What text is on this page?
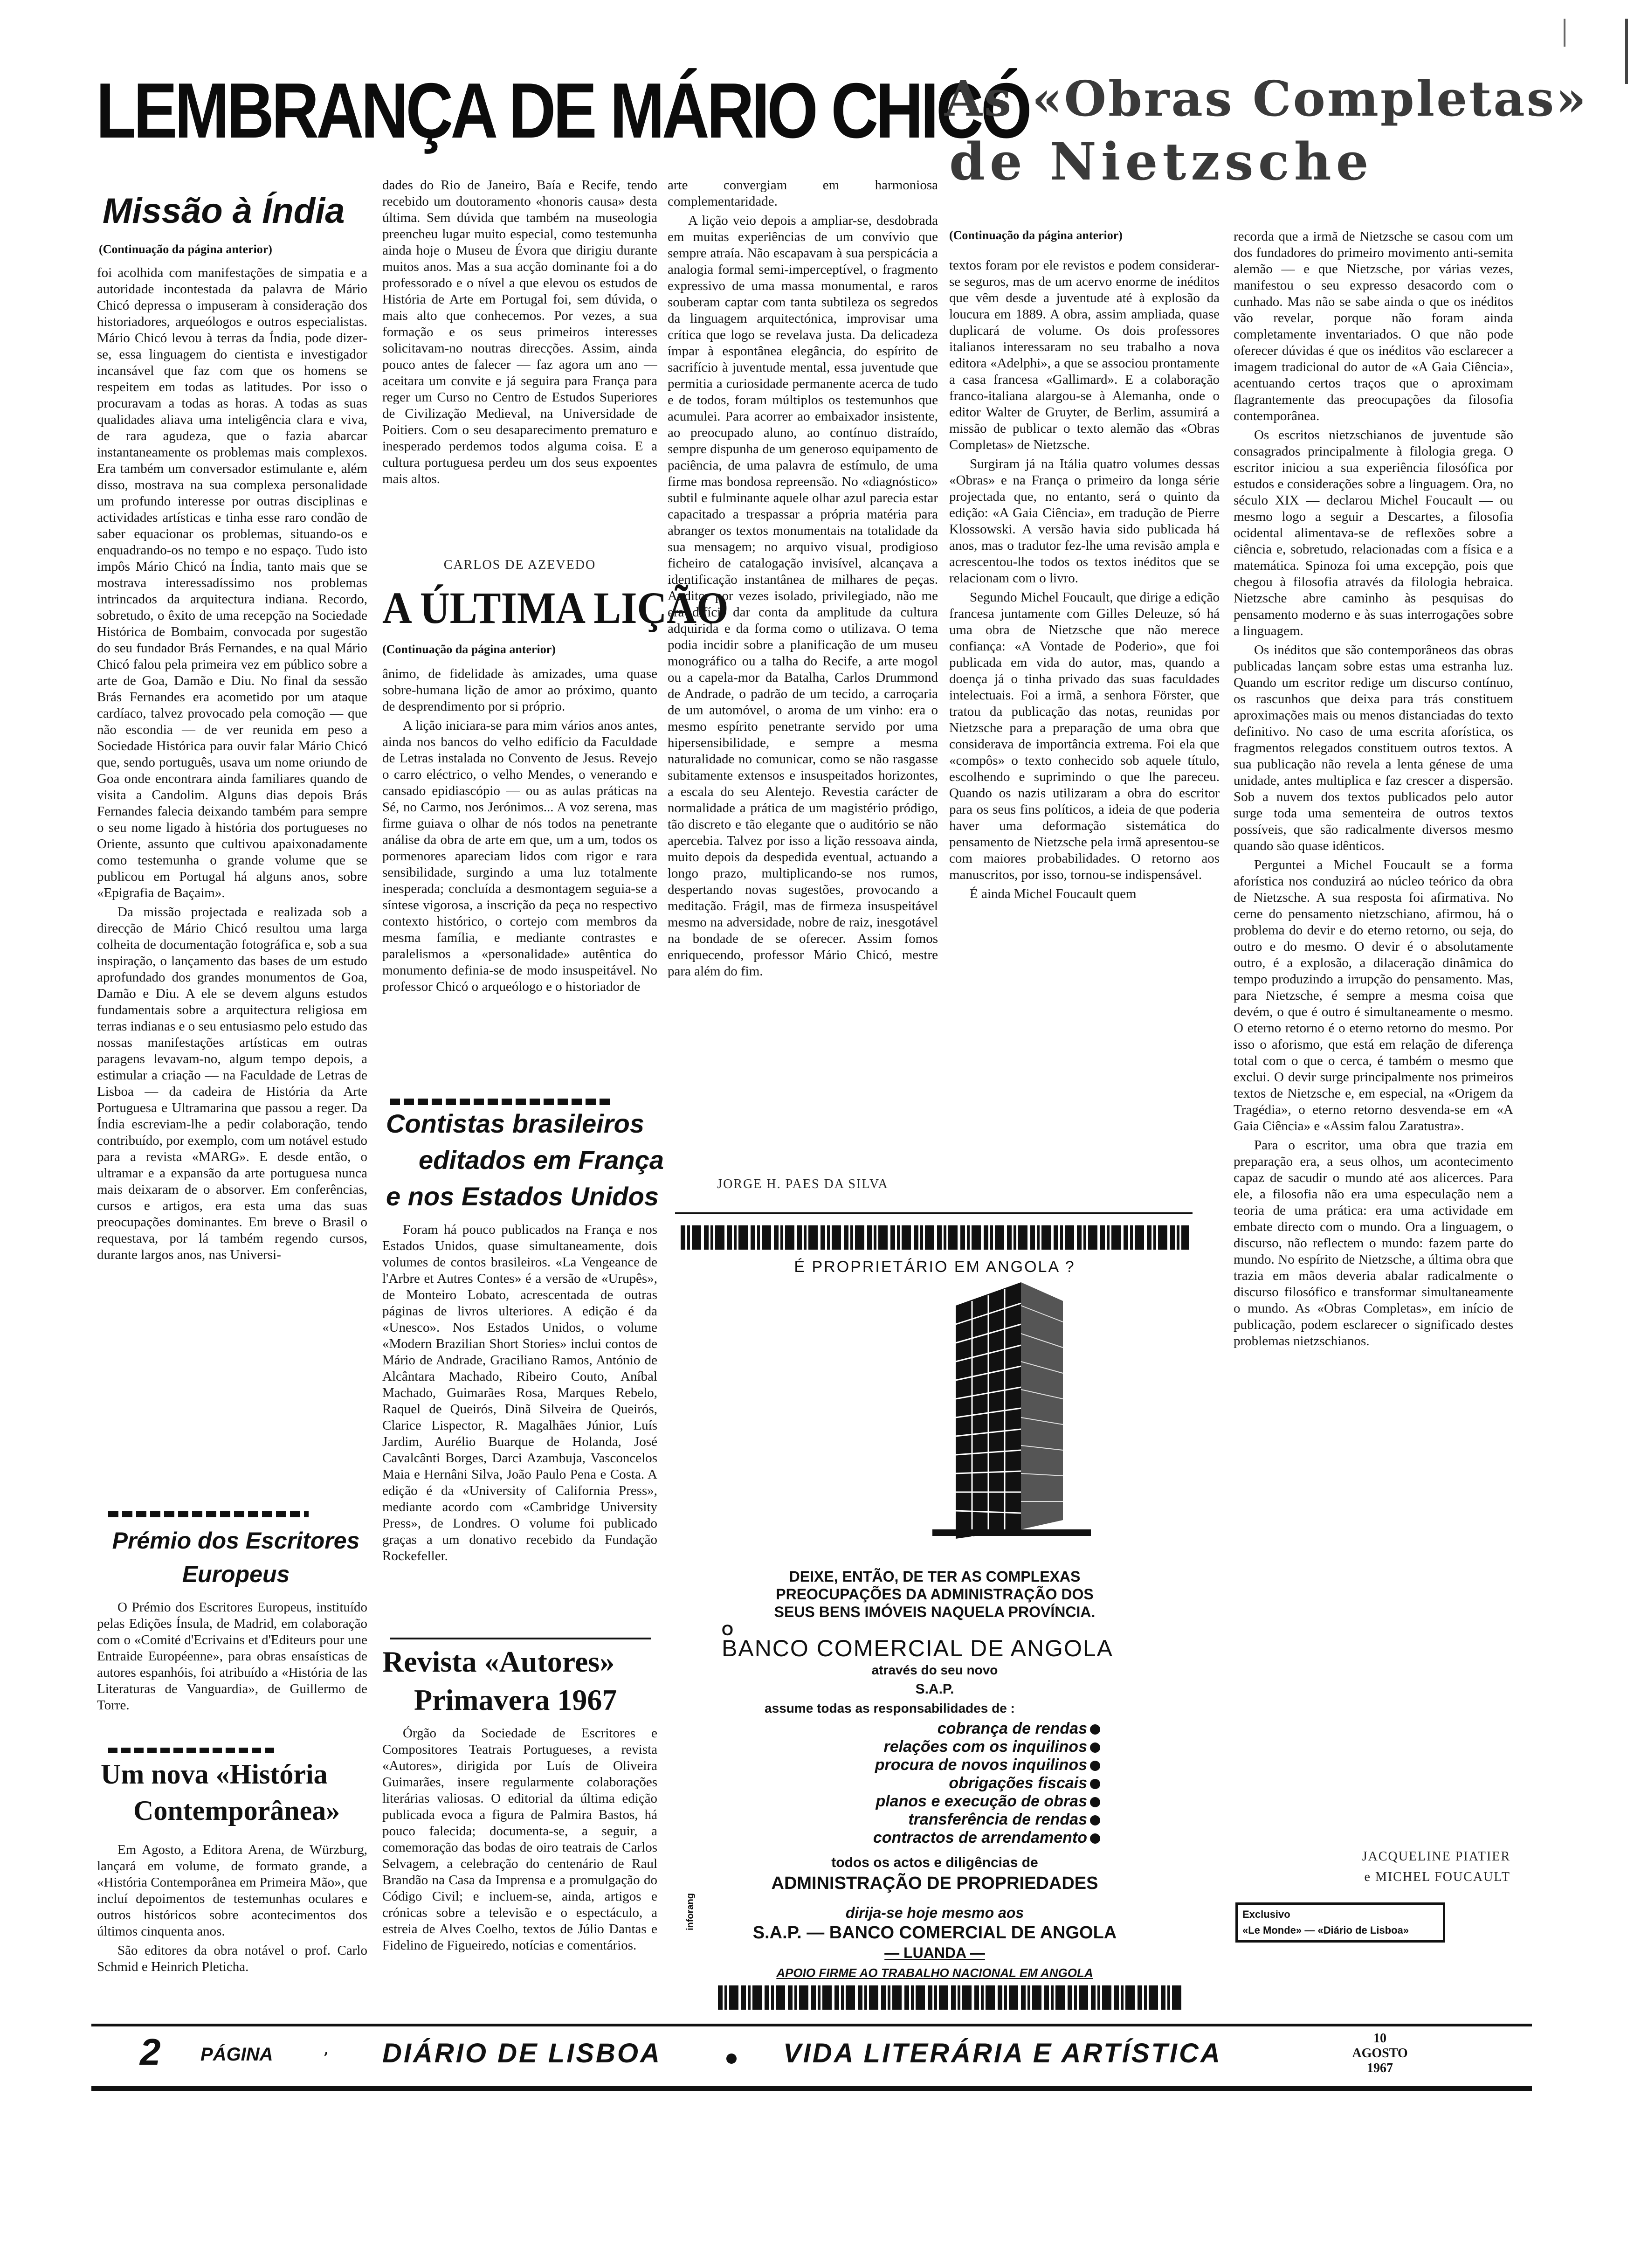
LEMBRANÇA DE MÁRIO CHICÓ
As «Obras Completas»
de Nietzsche
Missão à Índia
(Continuação da página anterior)

foi acolhida com manifestações de simpatia e a autoridade incontestada da palavra de Mário Chicó depressa o impuseram à consideração dos historiadores, arqueólogos e outros especialistas. Mário Chicó levou à terras da Índia, pode dizer-se, essa linguagem do cientista e investigador incansável que faz com que os homens se respeitem em todas as latitudes. Por isso o procuravam a todas as horas. A todas as suas qualidades aliava uma inteligência clara e viva, de rara agudeza, que o fazia abarcar instantaneamente os problemas mais complexos. Era também um conversador estimulante e, além disso, mostrava na sua complexa personalidade um profundo interesse por outras disciplinas e actividades artísticas e tinha esse raro condão de saber equacionar os problemas, situando-os e enquadrando-os no tempo e no espaço. Tudo isto impôs Mário Chicó na Índia, tanto mais que se mostrava interessadíssimo nos problemas intrincados da arquitectura indiana. Recordo, sobretudo, o êxito de uma recepção na Sociedade Histórica de Bombaim, convocada por sugestão do seu fundador Brás Fernandes, e na qual Mário Chicó falou pela primeira vez em público sobre a arte de Goa, Damão e Diu. No final da sessão Brás Fernandes era acometido por um ataque cardíaco, talvez provocado pela comoção — que não escondia — de ver reunida em peso a Sociedade Histórica para ouvir falar Mário Chicó que, sendo português, usava um nome oriundo de Goa onde encontrara ainda familiares quando de visita a Candolim. Alguns dias depois Brás Fernandes falecia deixando também para sempre o seu nome ligado à história dos portugueses no Oriente, assunto que cultivou apaixonadamente como testemunha o grande volume que se publicou em Portugal há alguns anos, sobre «Epigrafia de Baçaim».

Da missão projectada e realizada sob a direcção de Mário Chicó resultou uma larga colheita de documentação fotográfica e, sob a sua inspiração, o lançamento das bases de um estudo aprofundado dos grandes monumentos de Goa, Damão e Diu. A ele se devem alguns estudos fundamentais sobre a arquitectura religiosa em terras indianas e o seu entusiasmo pelo estudo das nossas manifestações artísticas em outras paragens levavam-no, algum tempo depois, a estimular a criação — na Faculdade de Letras de Lisboa — da cadeira de História da Arte Portuguesa e Ultramarina que passou a reger. Da Índia escreviam-lhe a pedir colaboração, tendo contribuído, por exemplo, com um notável estudo para a revista «MARG». E desde então, o ultramar e a expansão da arte portuguesa nunca mais deixaram de o absorver. Em conferências, cursos e artigos, era esta uma das suas preocupações dominantes. Em breve o Brasil o requestava, por lá também regendo cursos, durante largos anos, nas Universi-

Prémio dos Escritores
Europeus

O Prémio dos Escritores Europeus, instituído pelas Edições Ínsula, de Madrid, em colaboração com o «Comité d'Ecrivains et d'Editeurs pour une Entraide Européenne», para obras ensaísticas de autores espanhóis, foi atribuído a «História de las Literaturas de Vanguardia», de Guillermo de Torre.

Um nova «História
Contemporânea»

Em Agosto, a Editora Arena, de Würzburg, lançará em volume, de formato grande, a «História Contemporânea em Primeira Mão», que incluí depoimentos de testemunhas oculares e outros históricos sobre acontecimentos dos últimos cinquenta anos.

São editores da obra notável o prof. Carlo Schmid e Heinrich Pleticha.

dades do Rio de Janeiro, Baía e Recife, tendo recebido um doutoramento «honoris causa» desta última. Sem dúvida que também na museologia preencheu lugar muito especial, como testemunha ainda hoje o Museu de Évora que dirigiu durante muitos anos. Mas a sua acção dominante foi a do professorado e o nível a que elevou os estudos de História de Arte em Portugal foi, sem dúvida, o mais alto que conhecemos. Por vezes, a sua formação e os seus primeiros interesses solicitavam-no noutras direcções. Assim, ainda pouco antes de falecer — faz agora um ano — aceitara um convite e já seguira para França para reger um Curso no Centro de Estudos Superiores de Civilização Medieval, na Universidade de Poitiers. Com o seu desaparecimento prematuro e inesperado perdemos todos alguma coisa. E a cultura portuguesa perdeu um dos seus expoentes mais altos.

CARLOS DE AZEVEDO
A ÚLTIMA LIÇÃO
(Continuação da página anterior)

ânimo, de fidelidade às amizades, uma quase sobre-humana lição de amor ao próximo, quanto de desprendimento por si próprio.

A lição iniciara-se para mim vários anos antes, ainda nos bancos do velho edifício da Faculdade de Letras instalada no Convento de Jesus. Revejo o carro eléctrico, o velho Mendes, o venerando e cansado epidiascópio — ou as aulas práticas na Sé, no Carmo, nos Jerónimos... A voz serena, mas firme guiava o olhar de nós todos na penetrante análise da obra de arte em que, um a um, todos os pormenores apareciam lidos com rigor e rara sensibilidade, surgindo a uma luz totalmente inesperada; concluída a desmontagem seguia-se a síntese vigorosa, a inscrição da peça no respectivo contexto histórico, o cortejo com membros da mesma família, e mediante contrastes e paralelismos a «personalidade» autêntica do monumento definia-se de modo insuspeitável. No professor Chicó o arqueólogo e o historiador de

Contistas brasileiros
editados em França
e nos Estados Unidos

Foram há pouco publicados na França e nos Estados Unidos, quase simultaneamente, dois volumes de contos brasileiros. «La Vengeance de l'Arbre et Autres Contes» é a versão de «Urupês», de Monteiro Lobato, acrescentada de outras páginas de livros ulteriores. A edição é da «Unesco». Nos Estados Unidos, o volume «Modern Brazilian Short Stories» inclui contos de Mário de Andrade, Graciliano Ramos, António de Alcântara Machado, Ribeiro Couto, Aníbal Machado, Guimarães Rosa, Marques Rebelo, Raquel de Queirós, Dinã Silveira de Queirós, Clarice Lispector, R. Magalhães Júnior, Luís Jardim, Aurélio Buarque de Holanda, José Cavalcânti Borges, Darci Azambuja, Vasconcelos Maia e Hernâni Silva, João Paulo Pena e Costa. A edição é da «University of California Press», mediante acordo com «Cambridge University Press», de Londres. O volume foi publicado graças a um donativo recebido da Fundação Rockefeller.

Revista «Autores»
Primavera 1967

Órgão da Sociedade de Escritores e Compositores Teatrais Portugueses, a revista «Autores», dirigida por Luís de Oliveira Guimarães, insere regularmente colaborações literárias valiosas. O editorial da última edição publicada evoca a figura de Palmira Bastos, há pouco falecida; documenta-se, a seguir, a comemoração das bodas de oiro teatrais de Carlos Selvagem, a celebração do centenário de Raul Brandão na Casa da Imprensa e a promulgação do Código Civil; e incluem-se, ainda, artigos e crónicas sobre a televisão e o espectáculo, a estreia de Alves Coelho, textos de Júlio Dantas e Fidelino de Figueiredo, notícias e comentários.

arte convergiam em harmoniosa complementaridade.

A lição veio depois a ampliar-se, desdobrada em muitas experiências de um convívio que sempre atraía. Não escapavam à sua perspicácia a analogia formal semi-imperceptível, o fragmento expressivo de uma massa monumental, e raros souberam captar com tanta subtileza os segredos da linguagem arquitectónica, improvisar uma crítica que logo se revelava justa. Da delicadeza ímpar à espontânea elegância, do espírito de sacrifício à juventude mental, essa juventude que permitia a curiosidade permanente acerca de tudo e de todos, foram múltiplos os testemunhos que acumulei. Para acorrer ao embaixador insistente, ao preocupado aluno, ao contínuo distraído, sempre dispunha de um generoso equipamento de paciência, de uma palavra de estímulo, de uma firme mas bondosa repreensão. No «diagnóstico» subtil e fulminante aquele olhar azul parecia estar capacitado a trespassar a própria matéria para abranger os textos monumentais na totalidade da sua mensagem; no arquivo visual, prodigioso ficheiro de catalogação invisível, alcançava a identificação instantânea de milhares de peças. Auditor por vezes isolado, privilegiado, não me era difícil dar conta da amplitude da cultura adquirida e da forma como o utilizava. O tema podia incidir sobre a planificação de um museu monográfico ou a talha do Recife, a arte mogol ou a capela-mor da Batalha, Carlos Drummond de Andrade, o padrão de um tecido, a carroçaria de um automóvel, o aroma de um vinho: era o mesmo espírito penetrante servido por uma hipersensibilidade, e sempre a mesma naturalidade no comunicar, como se não rasgasse subitamente extensos e insuspeitados horizontes, a escala do seu Alentejo. Revestia carácter de normalidade a prática de um magistério pródigo, tão discreto e tão elegante que o auditório se não apercebia. Talvez por isso a lição ressoava ainda, muito depois da despedida eventual, actuando a longo prazo, multiplicando-se nos rumos, despertando novas sugestões, provocando a meditação. Frágil, mas de firmeza insuspeitável mesmo na adversidade, nobre de raiz, inesgotável na bondade de se oferecer. Assim fomos enriquecendo, professor Mário Chicó, mestre para além do fim.

JORGE H. PAES DA SILVA
(Continuação da página anterior)

textos foram por ele revistos e podem considerar-se seguros, mas de um acervo enorme de inéditos que vêm desde a juventude até à explosão da loucura em 1889. A obra, assim ampliada, quase duplicará de volume. Os dois professores italianos interessaram no seu trabalho a nova editora «Adelphi», a que se associou prontamente a casa francesa «Gallimard». E a colaboração franco-italiana alargou-se à Alemanha, onde o editor Walter de Gruyter, de Berlim, assumirá a missão de publicar o texto alemão das «Obras Completas» de Nietzsche.

Surgiram já na Itália quatro volumes dessas «Obras» e na França o primeiro da longa série projectada que, no entanto, será o quinto da edição: «A Gaia Ciência», em tradução de Pierre Klossowski. A versão havia sido publicada há anos, mas o tradutor fez-lhe uma revisão ampla e acrescentou-lhe todos os textos inéditos que se relacionam com o livro.

Segundo Michel Foucault, que dirige a edição francesa juntamente com Gilles Deleuze, só há uma obra de Nietzsche que não merece confiança: «A Vontade de Poderio», que foi publicada em vida do autor, mas, quando a doença já o tinha privado das suas faculdades intelectuais. Foi a irmã, a senhora Förster, que tratou da publicação das notas, reunidas por Nietzsche para a preparação de uma obra que considerava de importância extrema. Foi ela que «compôs» o texto conhecido sob aquele título, escolhendo e suprimindo o que lhe pareceu. Quando os nazis utilizaram a obra do escritor para os seus fins políticos, a ideia de que poderia haver uma deformação sistemática do pensamento de Nietzsche pela irmã apresentou-se com maiores probabilidades. O retorno aos manuscritos, por isso, tornou-se indispensável.

É ainda Michel Foucault quem

recorda que a irmã de Nietzsche se casou com um dos fundadores do primeiro movimento anti-semita alemão — e que Nietzsche, por várias vezes, manifestou o seu expresso desacordo com o cunhado. Mas não se sabe ainda o que os inéditos vão revelar, porque não foram ainda completamente inventariados. O que não pode oferecer dúvidas é que os inéditos vão esclarecer a imagem tradicional do autor de «A Gaia Ciência», acentuando certos traços que o aproximam flagrantemente das preocupações da filosofia contemporânea.

Os escritos nietzschianos de juventude são consagrados principalmente à filologia grega. O escritor iniciou a sua experiência filosófica por estudos e considerações sobre a linguagem. Ora, no século XIX — declarou Michel Foucault — ou mesmo logo a seguir a Descartes, a filosofia ocidental alimentava-se de reflexões sobre a ciência e, sobretudo, relacionadas com a física e a matemática. Spinoza foi uma excepção, pois que chegou à filosofia através da filologia hebraica. Nietzsche abre caminho às pesquisas do pensamento moderno e às suas interrogações sobre a linguagem.

Os inéditos que são contemporâneos das obras publicadas lançam sobre estas uma estranha luz. Quando um escritor redige um discurso contínuo, os rascunhos que deixa para trás constituem aproximações mais ou menos distanciadas do texto definitivo. No caso de uma escrita aforística, os fragmentos relegados constituem outros textos. A sua publicação não revela a lenta génese de uma unidade, antes multiplica e faz crescer a dispersão. Sob a nuvem dos textos publicados pelo autor surge toda uma sementeira de outros textos possíveis, que são radicalmente diversos mesmo quando são quase idênticos.

Perguntei a Michel Foucault se a forma aforística nos conduzirá ao núcleo teórico da obra de Nietzsche. A sua resposta foi afirmativa. No cerne do pensamento nietzschiano, afirmou, há o problema do devir e do eterno retorno, ou seja, do outro e do mesmo. O devir é o absolutamente outro, é a explosão, a dilaceração dinâmica do tempo produzindo a irrupção do pensamento. Mas, para Nietzsche, é sempre a mesma coisa que devém, o que é outro é simultaneamente o mesmo. O eterno retorno é o eterno retorno do mesmo. Por isso o aforismo, que está em relação de diferença total com o que o cerca, é também o mesmo que exclui. O devir surge principalmente nos primeiros textos de Nietzsche e, em especial, na «Origem da Tragédia», o eterno retorno desvenda-se em «A Gaia Ciência» e «Assim falou Zaratustra».

Para o escritor, uma obra que trazia em preparação era, a seus olhos, um acontecimento capaz de sacudir o mundo até aos alicerces. Para ele, a filosofia não era uma especulação nem a teoria de uma prática: era uma actividade em embate directo com o mundo. Ora a linguagem, o discurso, não reflectem o mundo: fazem parte do mundo. No espírito de Nietzsche, a última obra que trazia em mãos deveria abalar radicalmente o discurso filosófico e transformar simultaneamente o mundo. As «Obras Completas», em início de publicação, podem esclarecer o significado destes problemas nietzschianos.

JACQUELINE PIATIER
e MICHEL FOUCAULT
Exclusivo
«Le Monde» — «Diário de Lisboa»
É PROPRIETÁRIO EM ANGOLA ?
DEIXE, ENTÃO, DE TER AS COMPLEXAS
PREOCUPAÇÕES DA ADMINISTRAÇÃO DOS
SEUS BENS IMÓVEIS NAQUELA PROVÍNCIA.
O
BANCO COMERCIAL DE ANGOLA
através do seu novo
S.A.P.
assume todas as responsabilidades de :
cobrança de rendas
relações com os inquilinos
procura de novos inquilinos
obrigações fiscais
planos e execução de obras
transferência de rendas
contractos de arrendamento
todos os actos e diligências de
ADMINISTRAÇÃO DE PROPRIEDADES
dirija-se hoje mesmo aos
S.A.P. — BANCO COMERCIAL DE ANGOLA
— LUANDA —
inforang
APOIO FIRME AO TRABALHO NACIONAL EM ANGOLA
2 PÁGINA	’ DIÁRIO DE LISBOA	VIDA LITERÁRIA E ARTÍSTICA	10
AGOSTO
1967
